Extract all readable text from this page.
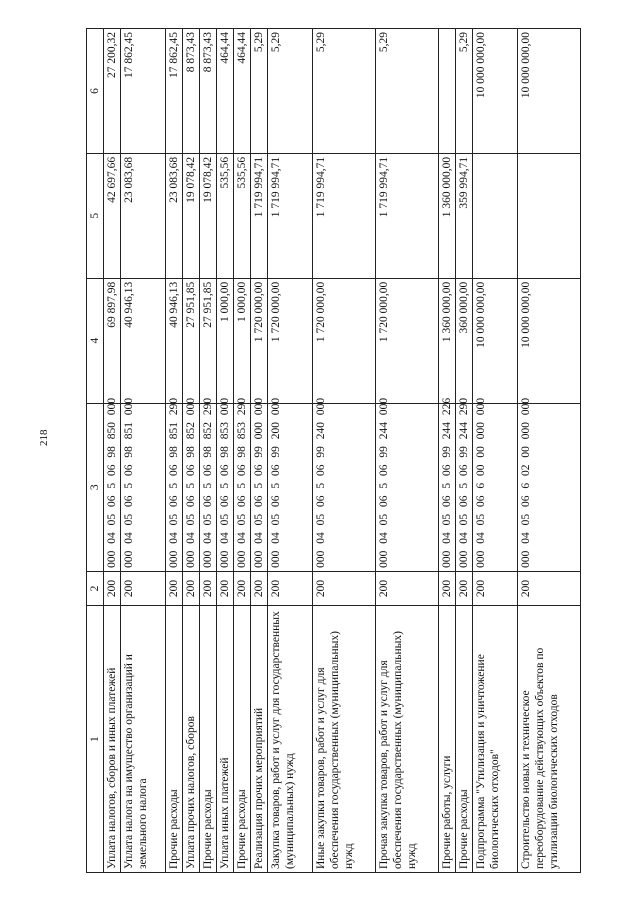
218
1	2	3	4	5	6
Уплата налогов, сборов и иных платежей	200	000 04 05 06 5 06 98 850 000	69 897,98	42 697,66	27 200,32
Уплата налога на имущество организаций и земельного налога	200	000 04 05 06 5 06 98 851 000	40 946,13	23 083,68	17 862,45
Прочие расходы	200	000 04 05 06 5 06 98 851 290	40 946,13	23 083,68	17 862,45
Уплата прочих налогов, сборов	200	000 04 05 06 5 06 98 852 000	27 951,85	19 078,42	8 873,43
Прочие расходы	200	000 04 05 06 5 06 98 852 290	27 951,85	19 078,42	8 873,43
Уплата иных платежей	200	000 04 05 06 5 06 98 853 000	1 000,00	535,56	464,44
Прочие расходы	200	000 04 05 06 5 06 98 853 290	1 000,00	535,56	464,44
Реализация прочих мероприятий	200	000 04 05 06 5 06 99 000 000	1 720 000,00	1 719 994,71	5,29
Закупка товаров, работ и услуг для государственных (муниципальных) нужд	200	000 04 05 06 5 06 99 200 000	1 720 000,00	1 719 994,71	5,29
Иные закупки товаров, работ и услуг для обеспечения государственных (муниципальных) нужд	200	000 04 05 06 5 06 99 240 000	1 720 000,00	1 719 994,71	5,29
Прочая закупка товаров, работ и услуг для обеспечения государственных (муниципальных) нужд	200	000 04 05 06 5 06 99 244 000	1 720 000,00	1 719 994,71	5,29
Прочие работы, услуги	200	000 04 05 06 5 06 99 244 226	1 360 000,00	1 360 000,00	
Прочие расходы	200	000 04 05 06 5 06 99 244 290	360 000,00	359 994,71	5,29
Подпрограмма "Утилизация и уничтожение биологических отходов"	200	000 04 05 06 6 00 00 000 000	10 000 000,00		10 000 000,00
Строительство новых и техническое переоборудование действующих объектов по утилизации биологических отходов	200	000 04 05 06 6 02 00 000 000	10 000 000,00		10 000 000,00
